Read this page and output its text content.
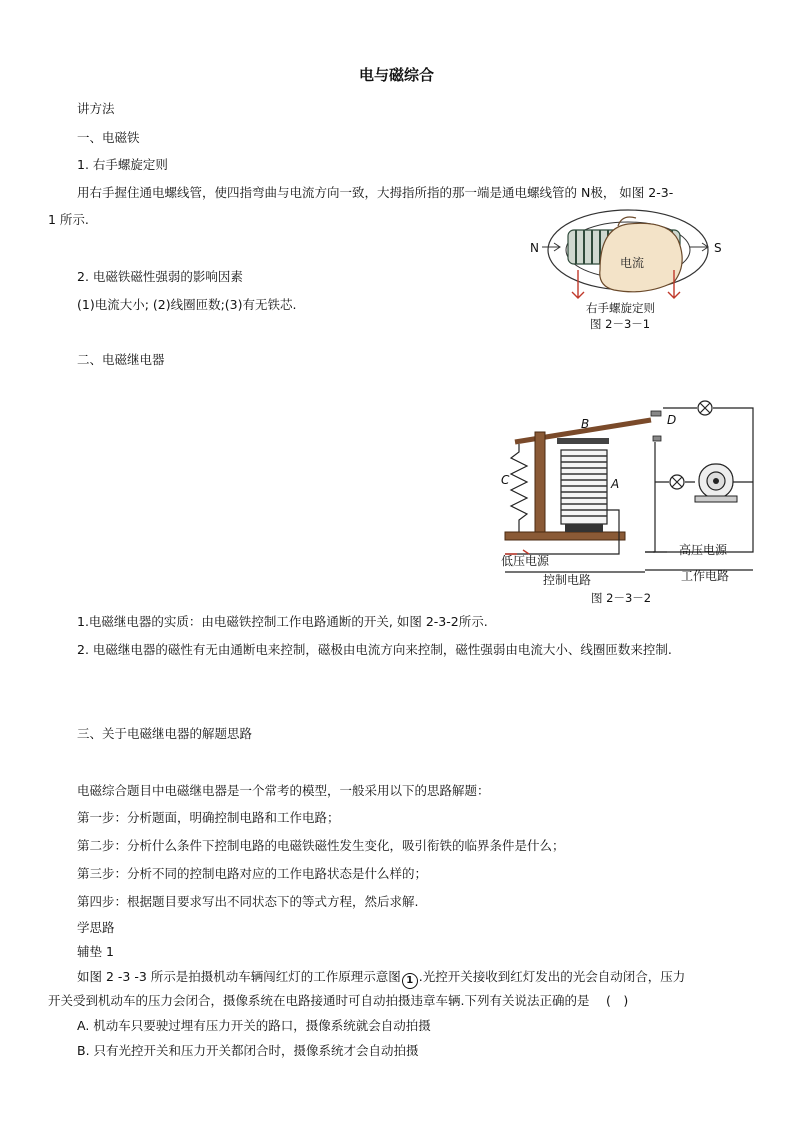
电与磁综合
讲方法
一、电磁铁
1. 右手螺旋定则
用右手握住通电螺线管，使四指弯曲与电流方向一致，大拇指所指的那一端是通电螺线管的 N极， 如图 2-3-
1 所示.
2. 电磁铁磁性强弱的影响因素
(1)电流大小; (2)线圈匝数;(3)有无铁芯.
电流
N	S
右手螺旋定则
图 2－3－1
二、电磁继电器
D
B
C	A
低压电源
控制电路
高压电源
工作电路
图 2－3－2
1.电磁继电器的实质：由电磁铁控制工作电路通断的开关, 如图 2-3-2所示.
2. 电磁继电器的磁性有无由通断电来控制，磁极由电流方向来控制，磁性强弱由电流大小、线圈匝数来控制.
三、关于电磁继电器的解题思路
电磁综合题目中电磁继电器是一个常考的模型，一般采用以下的思路解题：
第一步：分析题面，明确控制电路和工作电路；
第二步：分析什么条件下控制电路的电磁铁磁性发生变化，吸引衔铁的临界条件是什么；
第三步：分析不同的控制电路对应的工作电路状态是什么样的；
第四步：根据题目要求写出不同状态下的等式方程，然后求解.
学思路
辅垫 1
如图 2 -3 -3 所示是拍摄机动车辆闯红灯的工作原理示意图 1 .光控开关接收到红灯发出的光会自动闭合，压力
开关受到机动车的压力会闭合，摄像系统在电路接通时可自动拍摄违章车辆.下列有关说法正确的是　 (　)
A. 机动车只要驶过埋有压力开关的路口，摄像系统就会自动拍摄
B. 只有光控开关和压力开关都闭合时，摄像系统才会自动拍摄
